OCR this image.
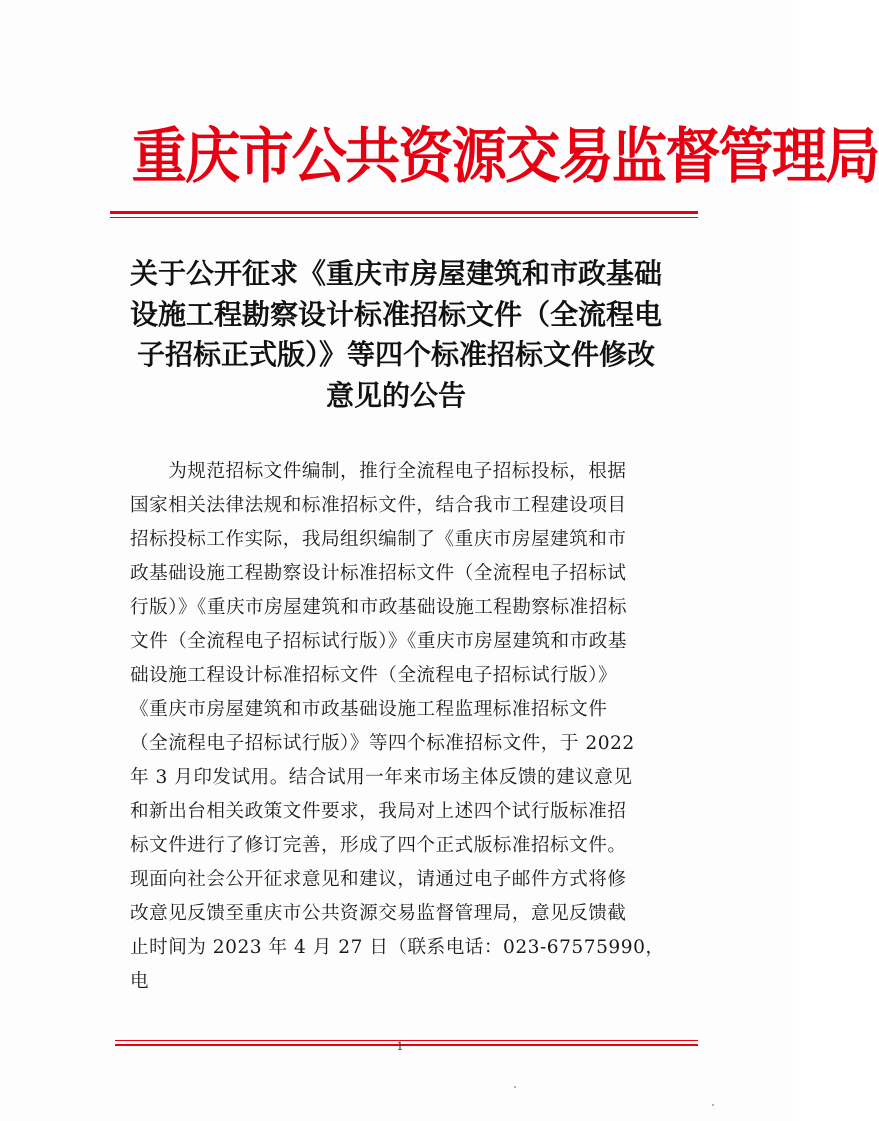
重庆市公共资源交易监督管理局
关于公开征求《重庆市房屋建筑和市政基础
设施工程勘察设计标准招标文件（全流程电
子招标正式版）》等四个标准招标文件修改
意见的公告
　　为规范招标文件编制，推行全流程电子招标投标，根据
国家相关法律法规和标准招标文件，结合我市工程建设项目
招标投标工作实际，我局组织编制了《重庆市房屋建筑和市
政基础设施工程勘察设计标准招标文件（全流程电子招标试
行版）》《重庆市房屋建筑和市政基础设施工程勘察标准招标
文件（全流程电子招标试行版）》《重庆市房屋建筑和市政基
础设施工程设计标准招标文件（全流程电子招标试行版）》
《重庆市房屋建筑和市政基础设施工程监理标准招标文件
（全流程电子招标试行版）》等四个标准招标文件，于 2022
年 3 月印发试用。结合试用一年来市场主体反馈的建议意见
和新出台相关政策文件要求，我局对上述四个试行版标准招
标文件进行了修订完善，形成了四个正式版标准招标文件。
现面向社会公开征求意见和建议，请通过电子邮件方式将修
改意见反馈至重庆市公共资源交易监督管理局，意见反馈截
止时间为 2023 年 4 月 27 日（联系电话：023-67575990，电
1
